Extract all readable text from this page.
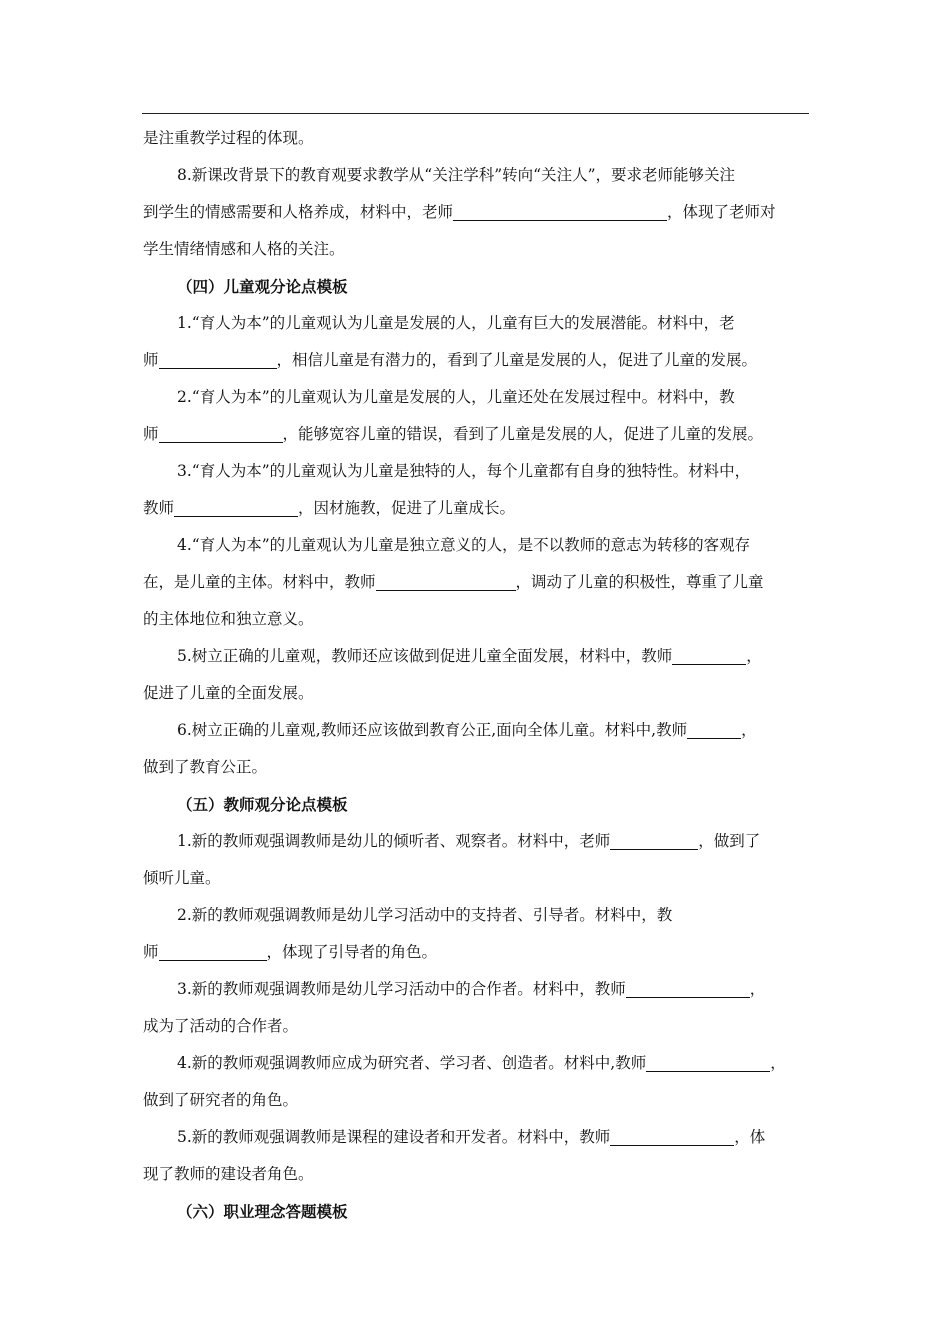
是注重教学过程的体现。
8.新课改背景下的教育观要求教学从“关注学科”转向“关注人”，要求老师能够关注
到学生的情感需要和人格养成，材料中，老师	，体现了老师对
学生情绪情感和人格的关注。
（四）儿童观分论点模板
1.“育人为本”的儿童观认为儿童是发展的人，儿童有巨大的发展潜能。材料中，老
师	，相信儿童是有潜力的，看到了儿童是发展的人，促进了儿童的发展。
2.“育人为本”的儿童观认为儿童是发展的人，儿童还处在发展过程中。材料中，教
师	，能够宽容儿童的错误，看到了儿童是发展的人，促进了儿童的发展。
3.“育人为本”的儿童观认为儿童是独特的人，每个儿童都有自身的独特性。材料中，
教师	，因材施教，促进了儿童成长。
4.“育人为本”的儿童观认为儿童是独立意义的人，是不以教师的意志为转移的客观存
在，是儿童的主体。材料中，教师	，调动了儿童的积极性，尊重了儿童
的主体地位和独立意义。
5.树立正确的儿童观，教师还应该做到促进儿童全面发展，材料中，教师	，
促进了儿童的全面发展。
6.树立正确的儿童观,教师还应该做到教育公正,面向全体儿童。材料中,教师	，
做到了教育公正。
（五）教师观分论点模板
1.新的教师观强调教师是幼儿的倾听者、观察者。材料中，老师	，做到了
倾听儿童。
2.新的教师观强调教师是幼儿学习活动中的支持者、引导者。材料中，教
师	，体现了引导者的角色。
3.新的教师观强调教师是幼儿学习活动中的合作者。材料中，教师	，
成为了活动的合作者。
4.新的教师观强调教师应成为研究者、学习者、创造者。材料中,教师	，
做到了研究者的角色。
5.新的教师观强调教师是课程的建设者和开发者。材料中，教师	，体
现了教师的建设者角色。
（六）职业理念答题模板
